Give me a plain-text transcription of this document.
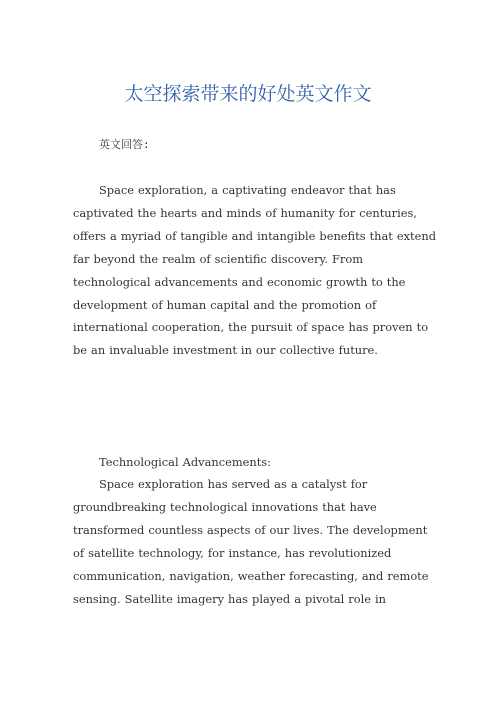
太空探索带来的好处英文作文

英文回答:

Space exploration, a captivating endeavor that has captivated the hearts and minds of humanity for centuries, offers a myriad of tangible and intangible benefits that extend far beyond the realm of scientific discovery. From technological advancements and economic growth to the development of human capital and the promotion of international cooperation, the pursuit of space has proven to be an invaluable investment in our collective future.

Technological Advancements:

Space exploration has served as a catalyst for groundbreaking technological innovations that have transformed countless aspects of our lives. The development of satellite technology, for instance, has revolutionized communication, navigation, weather forecasting, and remote sensing. Satellite imagery has played a pivotal role in
